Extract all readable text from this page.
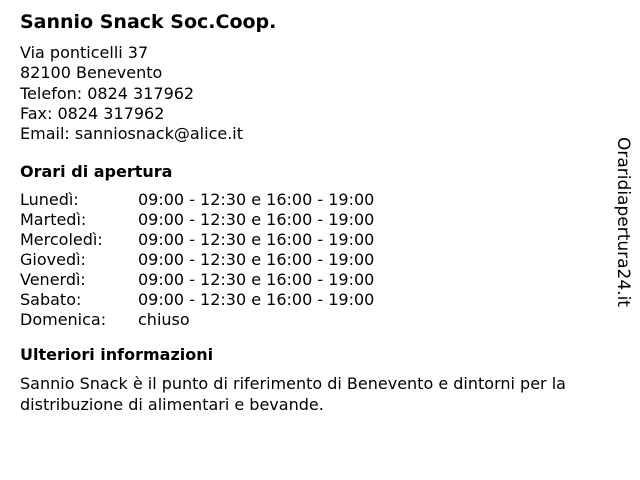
Sannio Snack Soc.Coop.
Via ponticelli 37
82100 Benevento
Telefon: 0824 317962
Fax: 0824 317962
Email: sanniosnack@alice.it
Orari di apertura
Lunedì:	09:00 - 12:30 e 16:00 - 19:00
Martedì:	09:00 - 12:30 e 16:00 - 19:00
Mercoledì:	09:00 - 12:30 e 16:00 - 19:00
Giovedì:	09:00 - 12:30 e 16:00 - 19:00
Venerdì:	09:00 - 12:30 e 16:00 - 19:00
Sabato:	09:00 - 12:30 e 16:00 - 19:00
Domenica:	chiuso
Ulteriori informazioni

Sannio Snack è il punto di riferimento di Benevento e dintorni per la distribuzione di alimentari e bevande.

Oraridiapertura24.it
